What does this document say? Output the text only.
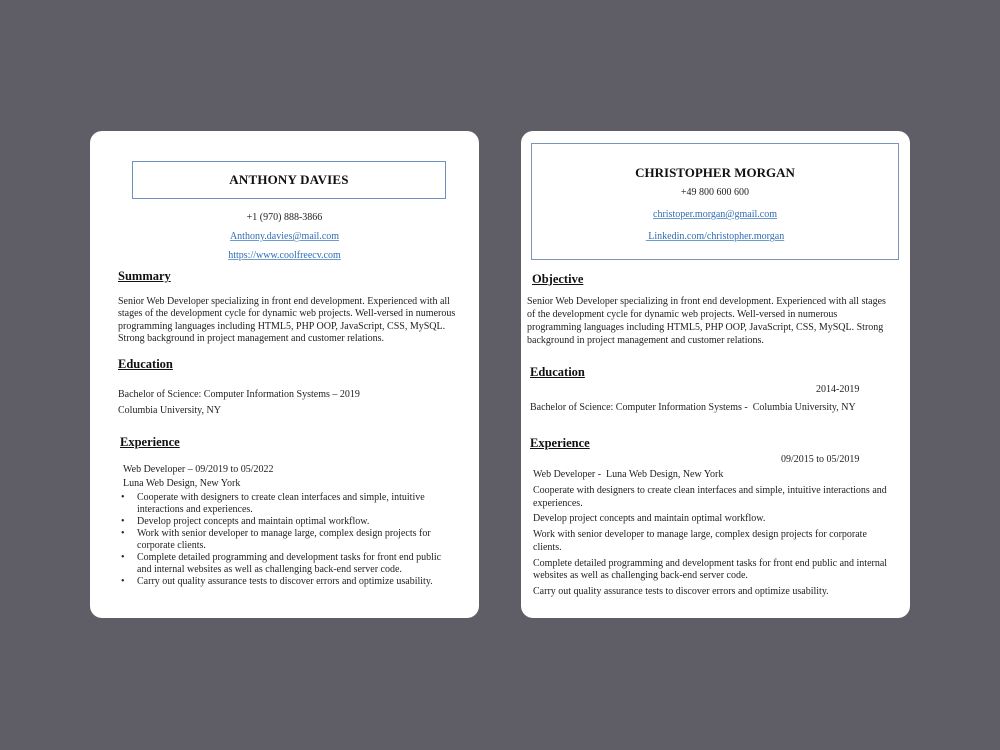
ANTHONY DAVIES
+1 (970) 888-3866
Anthony.davies@mail.com
https://www.coolfreecv.com
Summary
Senior Web Developer specializing in front end development. Experienced with all
stages of the development cycle for dynamic web projects. Well-versed in numerous
programming languages including HTML5, PHP OOP, JavaScript, CSS, MySQL.
Strong background in project management and customer relations.
Education
Bachelor of Science: Computer Information Systems – 2019
Columbia University, NY
Experience
Web Developer – 09/2019 to 05/2022
Luna Web Design, New York
• Cooperate with designers to create clean interfaces and simple, intuitive
interactions and experiences.
• Develop project concepts and maintain optimal workflow.
• Work with senior developer to manage large, complex design projects for
corporate clients.
• Complete detailed programming and development tasks for front end public
and internal websites as well as challenging back-end server code.
• Carry out quality assurance tests to discover errors and optimize usability.
CHRISTOPHER MORGAN
+49 800 600 600
christoper.morgan@gmail.com
Linkedin.com/christopher.morgan
Objective
Senior Web Developer specializing in front end development. Experienced with all stages
of the development cycle for dynamic web projects. Well-versed in numerous
programming languages including HTML5, PHP OOP, JavaScript, CSS, MySQL. Strong
background in project management and customer relations.
Education
2014-2019
Bachelor of Science: Computer Information Systems -  Columbia University, NY
Experience
09/2015 to 05/2019
Web Developer -  Luna Web Design, New York
Cooperate with designers to create clean interfaces and simple, intuitive interactions and
experiences.
Develop project concepts and maintain optimal workflow.
Work with senior developer to manage large, complex design projects for corporate
clients.
Complete detailed programming and development tasks for front end public and internal
websites as well as challenging back-end server code.
Carry out quality assurance tests to discover errors and optimize usability.
